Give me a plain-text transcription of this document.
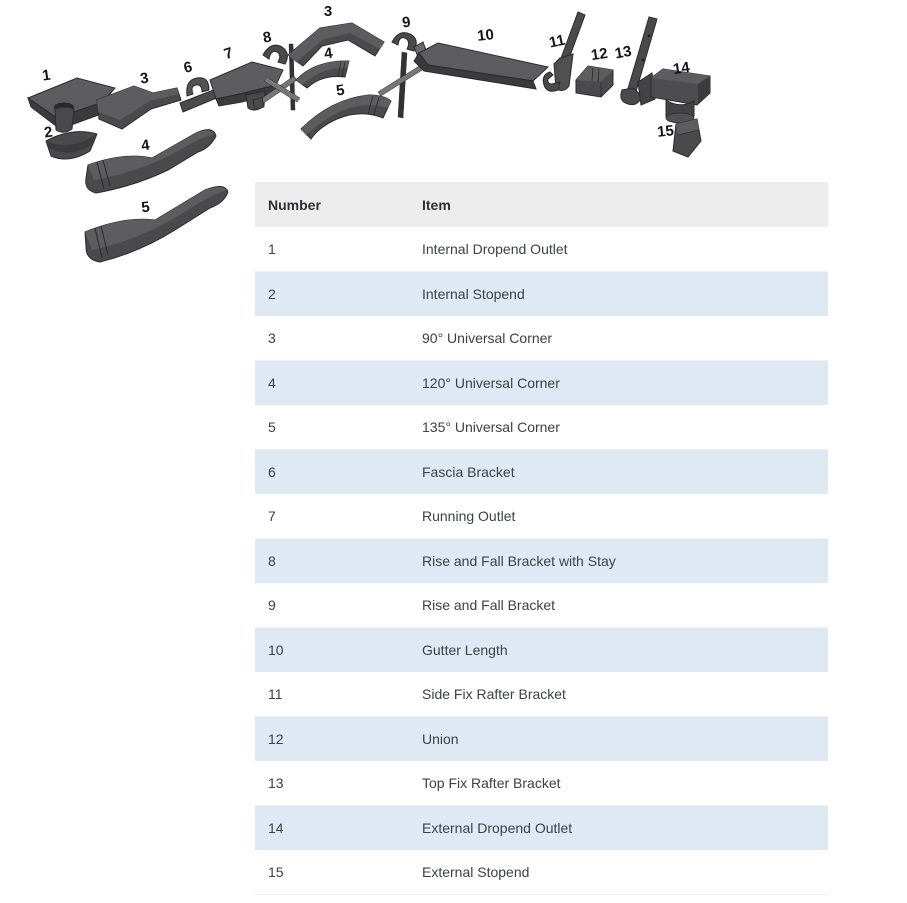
1
2
3
4
5
6
7
8
3
4
5
9
10	11
12 13
14
15
Number	Item
1	Internal Dropend Outlet
2	Internal Stopend
3	90° Universal Corner
4	120° Universal Corner
5	135° Universal Corner
6	Fascia Bracket
7	Running Outlet
8	Rise and Fall Bracket with Stay
9	Rise and Fall Bracket
10	Gutter Length
11	Side Fix Rafter Bracket
12	Union
13	Top Fix Rafter Bracket
14	External Dropend Outlet
15	External Stopend
